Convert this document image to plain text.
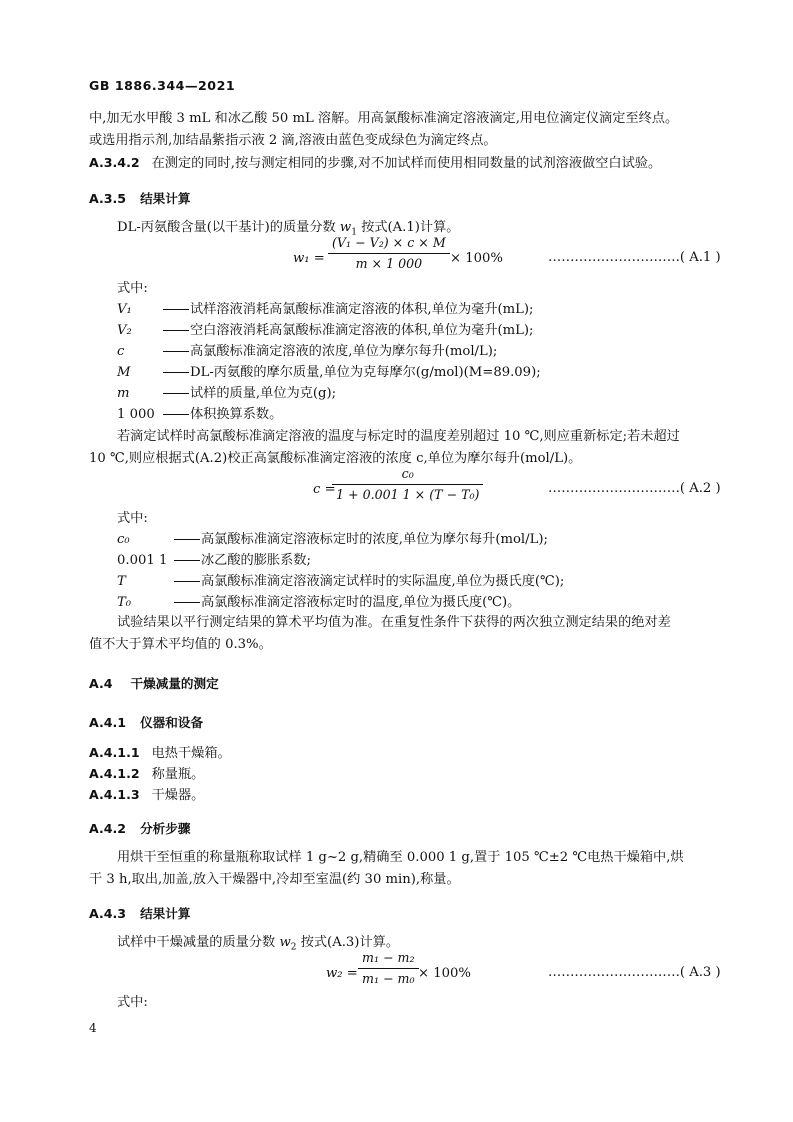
GB 1886.344—2021
中,加无水甲酸 3 mL 和冰乙酸 50 mL 溶解。用高氯酸标准滴定溶液滴定,用电位滴定仪滴定至终点。
或选用指示剂,加结晶紫指示液 2 滴,溶液由蓝色变成绿色为滴定终点。
A.3.4.2 在测定的同时,按与测定相同的步骤,对不加试样而使用相同数量的试剂溶液做空白试验。
A.3.5 结果计算
DL-丙氨酸含量(以干基计)的质量分数 $w_1$ 按式(A.1)计算。
$w_1 = \frac{\text{(V₁ − V₂) × c × M}}{m \times 1 000} \times 100\%$	…………………………( A.1 )
式中:
V₁	试样溶液消耗高氯酸标准滴定溶液的体积,单位为毫升(mL);
V₂	空白溶液消耗高氯酸标准滴定溶液的体积,单位为毫升(mL);
c	高氯酸标准滴定溶液的浓度,单位为摩尔每升(mol/L);
M	DL-丙氨酸的摩尔质量,单位为克每摩尔(g/mol)(M=89.09);
m	试样的质量,单位为克(g);
1 000	体积换算系数。
若滴定试样时高氯酸标准滴定溶液的温度与标定时的温度差别超过 10 ℃,则应重新标定;若未超过
10 ℃,则应根据式(A.2)校正高氯酸标准滴定溶液的浓度 c,单位为摩尔每升(mol/L)。
c =
$\frac{\text{c₀}}{\text{1 + 0.001 1 × (T − T₀)}}$	…………………………( A.2 )
式中:
c₀	高氯酸标准滴定溶液标定时的浓度,单位为摩尔每升(mol/L);
0.001 1	冰乙酸的膨胀系数;
T	高氯酸标准滴定溶液滴定试样时的实际温度,单位为摄氏度(℃);
T₀	高氯酸标准滴定溶液标定时的温度,单位为摄氏度(℃)。
试验结果以平行测定结果的算术平均值为准。在重复性条件下获得的两次独立测定结果的绝对差
值不大于算术平均值的 0.3%。
A.4 干燥减量的测定
A.4.1 仪器和设备
A.4.1.1 电热干燥箱。
A.4.1.2 称量瓶。
A.4.1.3 干燥器。
A.4.2 分析步骤
用烘干至恒重的称量瓶称取试样 1 g~2 g,精确至 0.000 1 g,置于 105 ℃±2 ℃电热干燥箱中,烘
干 3 h,取出,加盖,放入干燥器中,冷却至室温(约 30 min),称量。
A.4.3 结果计算
试样中干燥减量的质量分数 $w_2$ 按式(A.3)计算。
$w_2 = \frac{\text{m₁ − m₂}}{\text{m₁ − m₀}} \times 100\%$	…………………………( A.3 )
式中:
4
